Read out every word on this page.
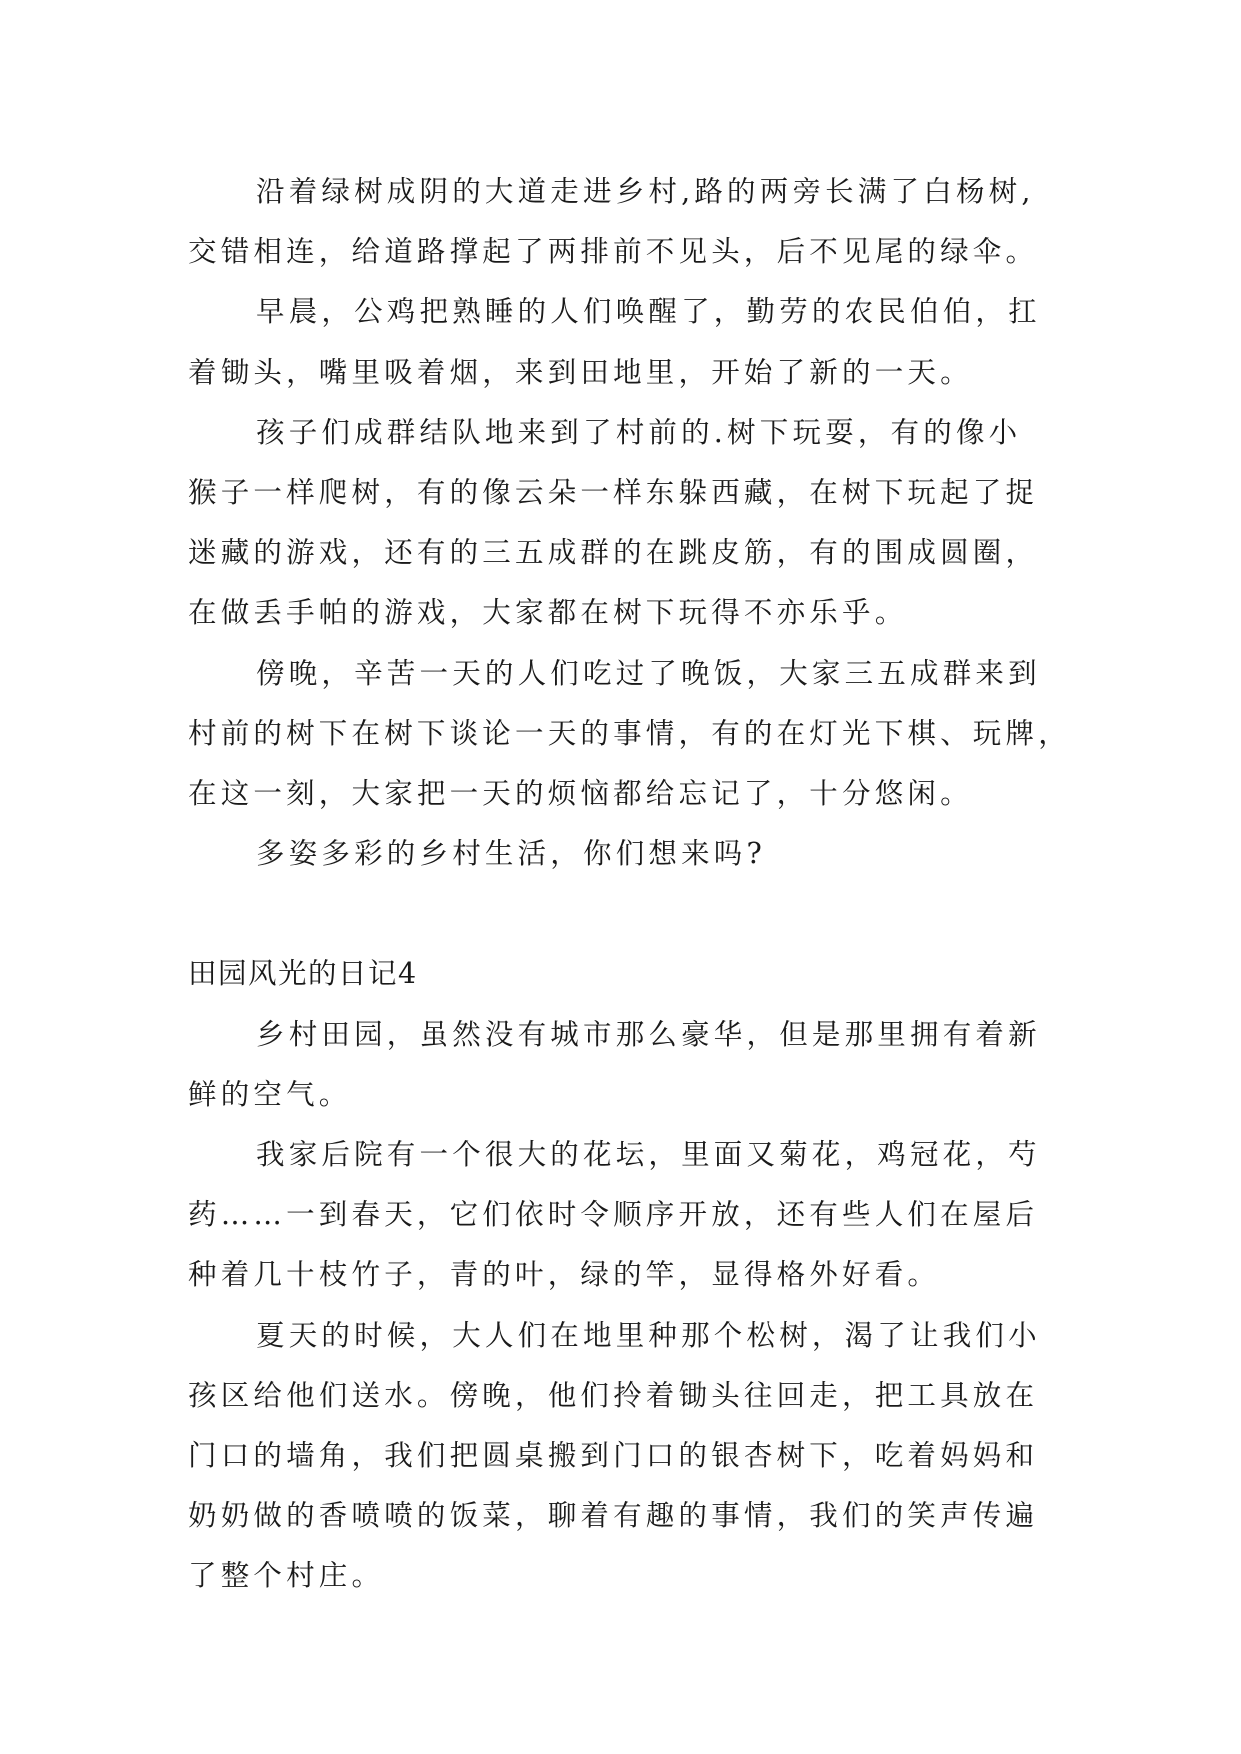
沿着绿树成阴的大道走进乡村,路的两旁长满了白杨树,
交错相连，给道路撑起了两排前不见头，后不见尾的绿伞。
早晨，公鸡把熟睡的人们唤醒了，勤劳的农民伯伯，扛
着锄头，嘴里吸着烟，来到田地里，开始了新的一天。
孩子们成群结队地来到了村前的.树下玩耍，有的像小
猴子一样爬树，有的像云朵一样东躲西藏，在树下玩起了捉
迷藏的游戏，还有的三五成群的在跳皮筋，有的围成圆圈，
在做丢手帕的游戏，大家都在树下玩得不亦乐乎。
傍晚，辛苦一天的人们吃过了晚饭，大家三五成群来到
村前的树下在树下谈论一天的事情，有的在灯光下棋、玩牌，
在这一刻，大家把一天的烦恼都给忘记了，十分悠闲。
多姿多彩的乡村生活，你们想来吗?
田园风光的日记4
乡村田园，虽然没有城市那么豪华，但是那里拥有着新
鲜的空气。
我家后院有一个很大的花坛，里面又菊花，鸡冠花，芍
药……一到春天，它们依时令顺序开放，还有些人们在屋后
种着几十枝竹子，青的叶，绿的竿，显得格外好看。
夏天的时候，大人们在地里种那个松树，渴了让我们小
孩区给他们送水。傍晚，他们拎着锄头往回走，把工具放在
门口的墙角，我们把圆桌搬到门口的银杏树下，吃着妈妈和
奶奶做的香喷喷的饭菜，聊着有趣的事情，我们的笑声传遍
了整个村庄。
